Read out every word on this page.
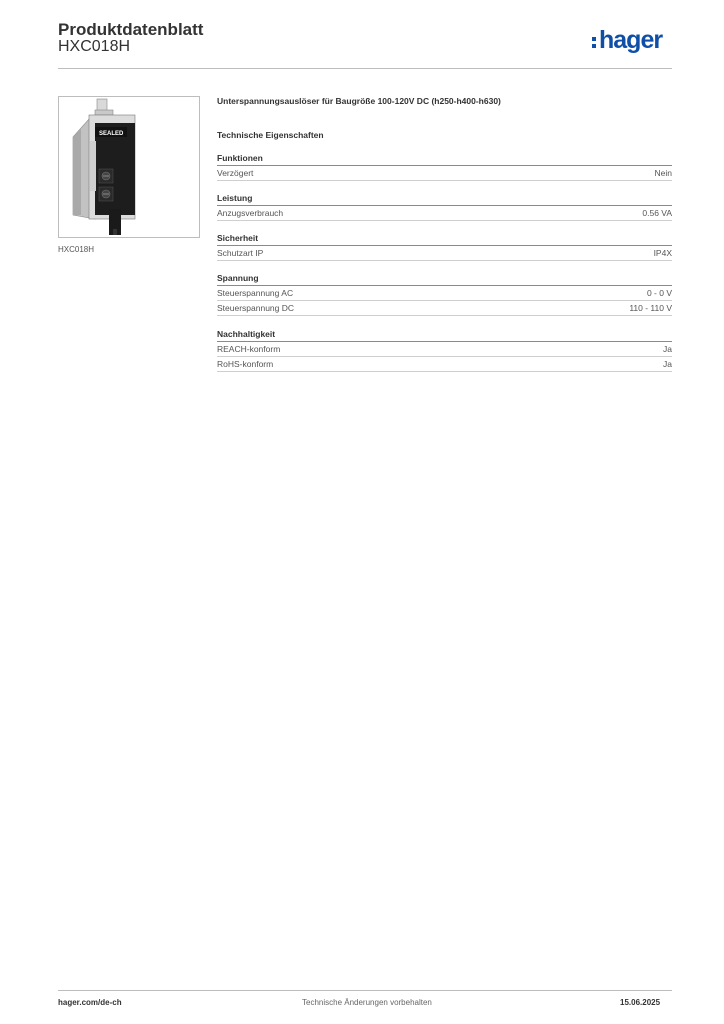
Produktdatenblatt
HXC018H	hager
SEALED
HXC018H
Unterspannungsauslöser für Baugröße 100-120V DC (h250-h400-h630)
Technische Eigenschaften
Funktionen
Verzögert	Nein
Leistung
Anzugsverbrauch	0.56 VA
Sicherheit
Schutzart IP	IP4X
Spannung
Steuerspannung AC	0 - 0 V
Steuerspannung DC	110 - 110 V
Nachhaltigkeit
REACH-konform	Ja
RoHS-konform	Ja
hager.com/de-ch	Technische Änderungen vorbehalten	15.06.2025
